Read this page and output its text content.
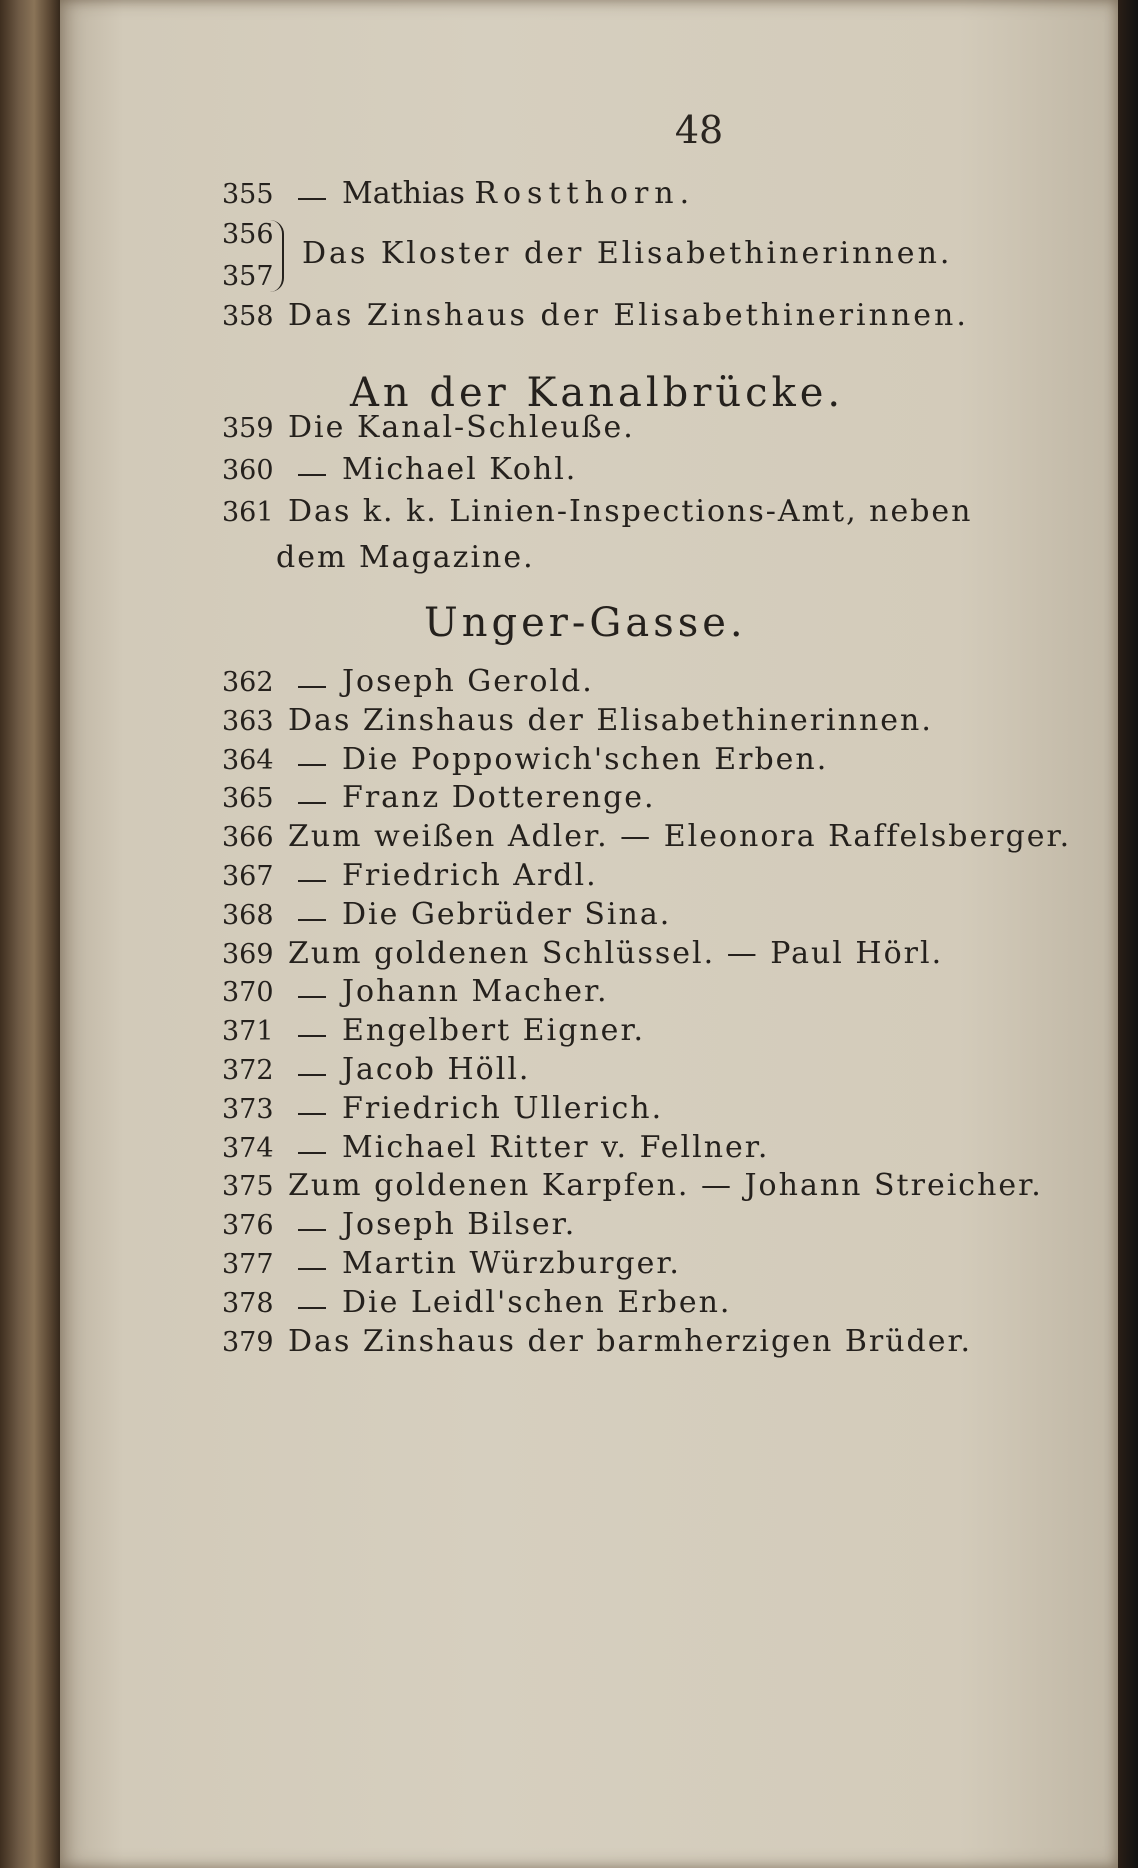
48
355 Mathias Rostthorn.
356
357
Das Kloster der Elisabethinerinnen.
358 Das Zinshaus der Elisabethinerinnen.
An der Kanalbrücke.
359 Die Kanal-Schleuße.
360 Michael Kohl.
361 Das k. k. Linien-Inspections-Amt, neben
dem Magazine.
Unger-Gasse.
362 Joseph Gerold.
363 Das Zinshaus der Elisabethinerinnen.
364 Die Poppowich'schen Erben.
365 Franz Dotterenge.
366 Zum weißen Adler. — Eleonora Raffelsberger.
367 Friedrich Ardl.
368 Die Gebrüder Sina.
369 Zum goldenen Schlüssel. — Paul Hörl.
370 Johann Macher.
371 Engelbert Eigner.
372 Jacob Höll.
373 Friedrich Ullerich.
374 Michael Ritter v. Fellner.
375 Zum goldenen Karpfen. — Johann Streicher.
376 Joseph Bilser.
377 Martin Würzburger.
378 Die Leidl'schen Erben.
379 Das Zinshaus der barmherzigen Brüder.
